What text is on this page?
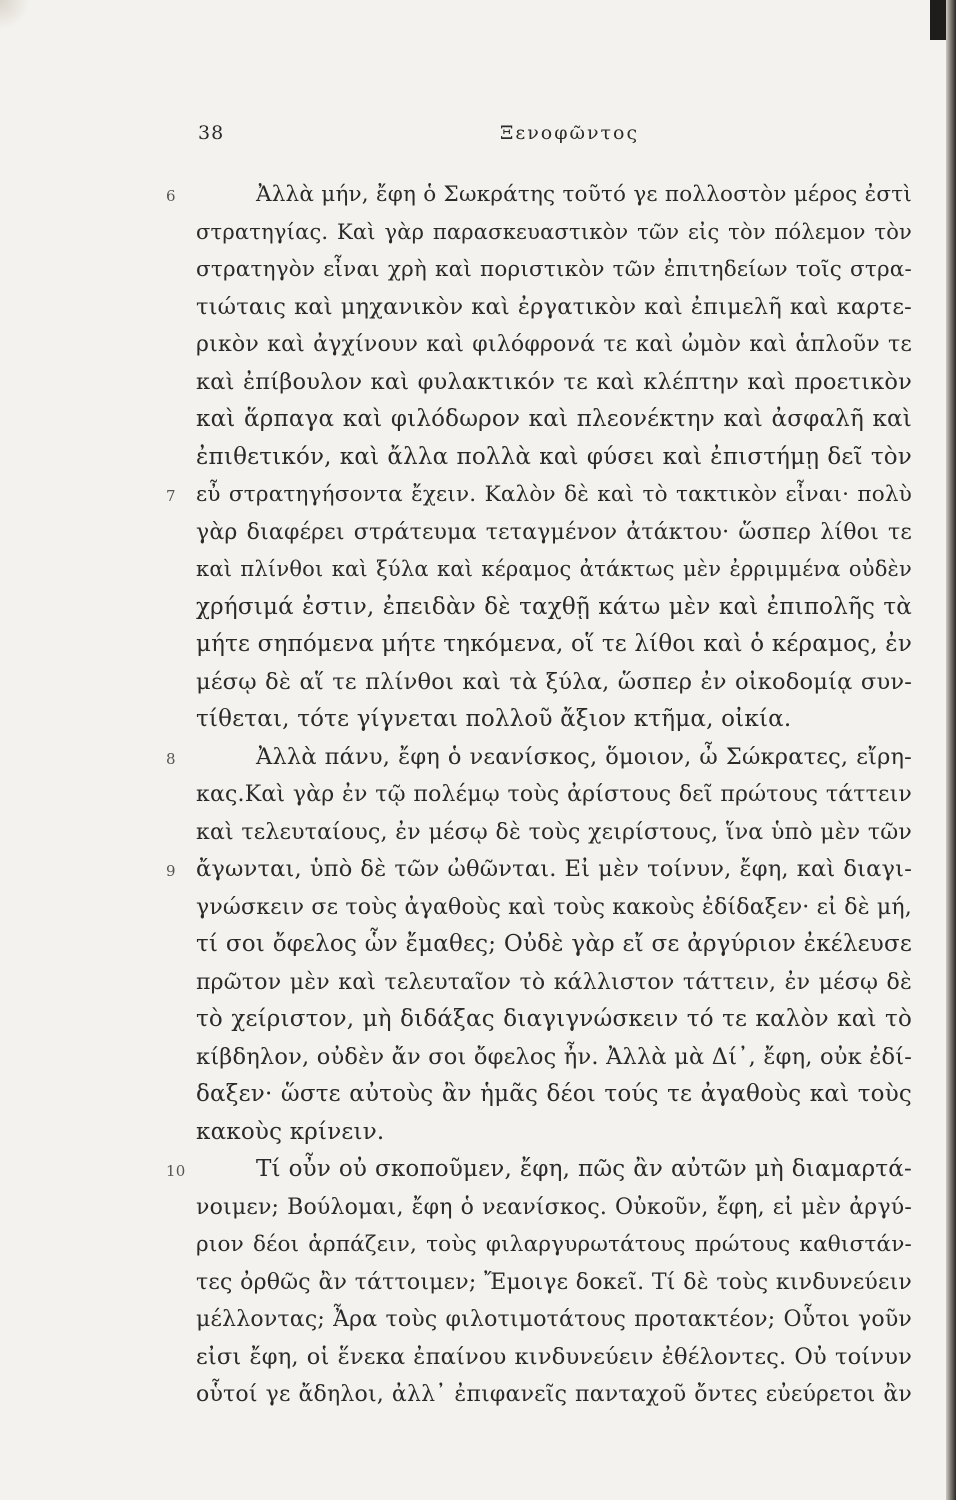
38	Ξενοφῶντος
6	Ἀλλὰ μήν, ἔφη ὁ Σωκράτης τοῦτό γε πολλοστὸν μέρος ἐστὶ
στρατηγίας. Καὶ γὰρ παρασκευαστικὸν τῶν εἰς τὸν πόλεμον τὸν
στρατηγὸν εἶναι χρὴ καὶ ποριστικὸν τῶν ἐπιτηδείων τοῖς στρα-
τιώταις καὶ μηχανικὸν καὶ ἐργατικὸν καὶ ἐπιμελῆ καὶ καρτε-
ρικὸν καὶ ἀγχίνουν καὶ φιλόφρονά τε καὶ ὠμὸν καὶ ἁπλοῦν τε
καὶ ἐπίβουλον καὶ φυλακτικόν τε καὶ κλέπτην καὶ προετικὸν
καὶ ἅρπαγα καὶ φιλόδωρον καὶ πλεονέκτην καὶ ἀσφαλῆ καὶ
ἐπιθετικόν, καὶ ἄλλα πολλὰ καὶ φύσει καὶ ἐπιστήμῃ δεῖ τὸν
7 εὖ στρατηγήσοντα ἔχειν. Καλὸν δὲ καὶ τὸ τακτικὸν εἶναι· πολὺ
γὰρ διαφέρει στράτευμα τεταγμένον ἀτάκτου· ὥσπερ λίθοι τε
καὶ πλίνθοι καὶ ξύλα καὶ κέραμος ἀτάκτως μὲν ἐρριμμένα οὐδὲν
χρήσιμά ἐστιν, ἐπειδὰν δὲ ταχθῇ κάτω μὲν καὶ ἐπιπολῆς τὰ
μήτε σηπόμενα μήτε τηκόμενα, οἵ τε λίθοι καὶ ὁ κέραμος, ἐν
μέσῳ δὲ αἵ τε πλίνθοι καὶ τὰ ξύλα, ὥσπερ ἐν οἰκοδομίᾳ συν-
τίθεται, τότε γίγνεται πολλοῦ ἄξιον κτῆμα, οἰκία.
8	Ἀλλὰ πάνυ, ἔφη ὁ νεανίσκος, ὅμοιον, ὦ Σώκρατες, εἴρη-
κας.Καὶ γὰρ ἐν τῷ πολέμῳ τοὺς ἀρίστους δεῖ πρώτους τάττειν
καὶ τελευταίους, ἐν μέσῳ δὲ τοὺς χειρίστους, ἵνα ὑπὸ μὲν τῶν
9 ἄγωνται, ὑπὸ δὲ τῶν ὠθῶνται. Εἰ μὲν τοίνυν, ἔφη, καὶ διαγι-
γνώσκειν σε τοὺς ἀγαθοὺς καὶ τοὺς κακοὺς ἐδίδαξεν· εἰ δὲ μή,
τί σοι ὄφελος ὧν ἔμαθες; Οὐδὲ γὰρ εἴ σε ἀργύριον ἐκέλευσε
πρῶτον μὲν καὶ τελευταῖον τὸ κάλλιστον τάττειν, ἐν μέσῳ δὲ
τὸ χείριστον, μὴ διδάξας διαγιγνώσκειν τό τε καλὸν καὶ τὸ
κίβδηλον, οὐδὲν ἄν σοι ὄφελος ἦν. Ἀλλὰ μὰ Δί᾽, ἔφη, οὐκ ἐδί-
δαξεν· ὥστε αὐτοὺς ἂν ἡμᾶς δέοι τούς τε ἀγαθοὺς καὶ τοὺς
κακοὺς κρίνειν.
10	Τί οὖν οὐ σκοποῦμεν, ἔφη, πῶς ἂν αὐτῶν μὴ διαμαρτά-
νοιμεν; Βούλομαι, ἔφη ὁ νεανίσκος. Οὐκοῦν, ἔφη, εἰ μὲν ἀργύ-
ριον δέοι ἁρπάζειν, τοὺς φιλαργυρωτάτους πρώτους καθιστάν-
τες ὀρθῶς ἂν τάττοιμεν; Ἔμοιγε δοκεῖ. Τί δὲ τοὺς κινδυνεύειν
μέλλοντας; Ἆρα τοὺς φιλοτιμοτάτους προτακτέον; Οὗτοι γοῦν
εἰσι ἔφη, οἱ ἕνεκα ἐπαίνου κινδυνεύειν ἐθέλοντες. Οὐ τοίνυν
οὗτοί γε ἄδηλοι, ἀλλ᾽ ἐπιφανεῖς πανταχοῦ ὄντες εὐεύρετοι ἂν
